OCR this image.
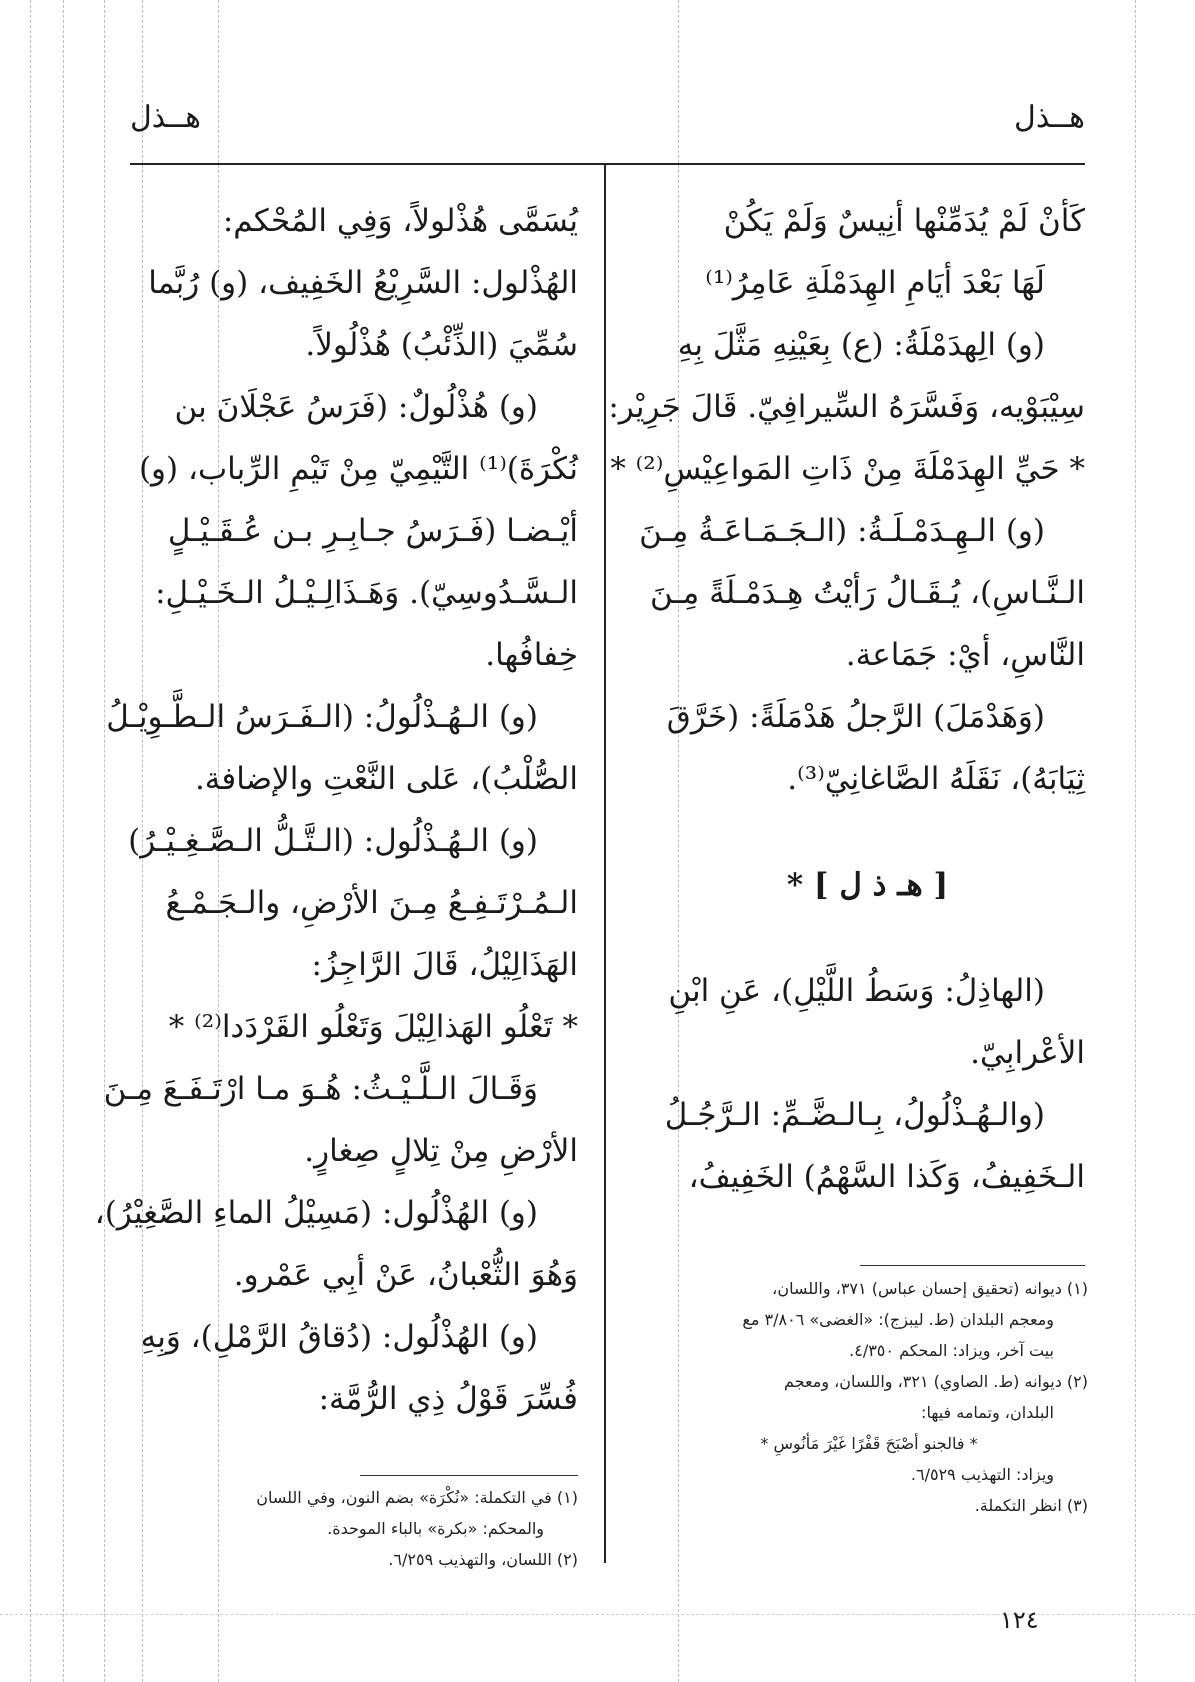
هــذل
هــذل
كَأنْ لَمْ يُدَمِّنْها أنِيسٌ وَلَمْ يَكُنْ
لَهَا بَعْدَ أيَامِ الهِدَمْلَةِ عَامِرُ⁽¹⁾
(و) الِهدَمْلَةُ: (ع) بِعَيْنِهِ مَثَّلَ بِهِ
سِيْبَوْيه، وَفَسَّرَهُ السِّيرافِيّ. قَالَ جَرِيْر:
* حَيِّ الهِدَمْلَةَ مِنْ ذَاتِ المَواعِيْسِ⁽²⁾ *
(و) الـهِـدَمْـلَـةُ: (الـجَـمَـاعَـةُ مِـنَ
الـنَّـاسِ)، يُـقَـالُ رَأيْتُ هِـدَمْـلَةً مِـنَ
النَّاسِ، أيْ: جَمَاعة.
(وَهَدْمَلَ) الرَّجلُ هَدْمَلَةً: (خَرَّقَ
ثِيَابَهُ)، نَقَلَهُ الصَّاغانِيّ⁽³⁾.
[ هـ ذ ل ] *
(الهاذِلُ: وَسَطُ اللَّيْلِ)، عَنِ ابْنِ
الأعْرابِيّ.
(والـهُـذْلُولُ، بِـالـضَّـمِّ: الـرَّجُـلُ
الـخَفِيفُ، وَكَذا السَّهْمُ) الخَفِيفُ،
يُسَمَّى هُذْلولاً، وَفِي المُحْكم:
الهُذْلول: السَّرِيْعُ الخَفِيف، (و) رُبَّما
سُمِّيَ (الذِّئْبُ) هُذْلُولاً.
(و) هُذْلُولٌ: (فَرَسُ عَجْلَانَ بن
نُكْرَةَ)⁽¹⁾ التَّيْمِيّ مِنْ تَيْمِ الرِّباب، (و)
أيْـضـا (فَـرَسُ جـابِـرِ بـن عُـقَـيْـلٍ
الـسَّـدُوسِيّ). وَهَـذَالِـيْـلُ الـخَـيْـلِ:
خِفافُها.
(و) الـهُـذْلُولُ: (الـفَـرَسُ الـطَّـوِيْـلُ
الصُّلْبُ)، عَلى النَّعْتِ والإضافة.
(و) الـهُـذْلُول: (الـتَّـلُّ الـصَّـغِـيْـرُ)
الـمُـرْتَـفِـعُ مِـنَ الأرْضِ، والـجَـمْـعُ
الهَذَالِيْلُ، قَالَ الرَّاجِزُ:
* تَعْلُو الهَذالِيْلَ وَتَعْلُو القَرْدَدا⁽²⁾ *
وَقَـالَ الـلَّـيْـثُ: هُـوَ مـا ارْتَـفَـعَ مِـنَ
الأرْضِ مِنْ تِلالٍ صِغارٍ.
(و) الهُذْلُول: (مَسِيْلُ الماءِ الصَّغِيْرُ)،
وَهُوَ الثُّعْبانُ، عَنْ أبِي عَمْرو.
(و) الهُذْلُول: (دُقاقُ الرَّمْلِ)، وَبِهِ
فُسِّرَ قَوْلُ ذِي الرُّمَّة:
(١) ديوانه (تحقيق إحسان عباس) ٣٧١، واللسان،
ومعجم البلدان (ط. ليبزج): «الغضى» ٣/٨٠٦ مع
بيت آخر، ويزاد: المحكم ٤/٣٥٠.
(٢) ديوانه (ط. الصاوي) ٣٢١، واللسان، ومعجم
البلدان، وتمامه فيها:
* فالجنو أصْبَحَ قَفْرًا غَيْرَ مَأنُوسِ *
ويزاد: التهذيب ٦/٥٢٩.
(٣) انظر التكملة.
(١) في التكملة: «نُكْرَة» بضم النون، وفي اللسان
والمحكم: «بكرة» بالباء الموحدة.
(٢) اللسان، والتهذيب ٦/٢٥٩.
١٢٤
